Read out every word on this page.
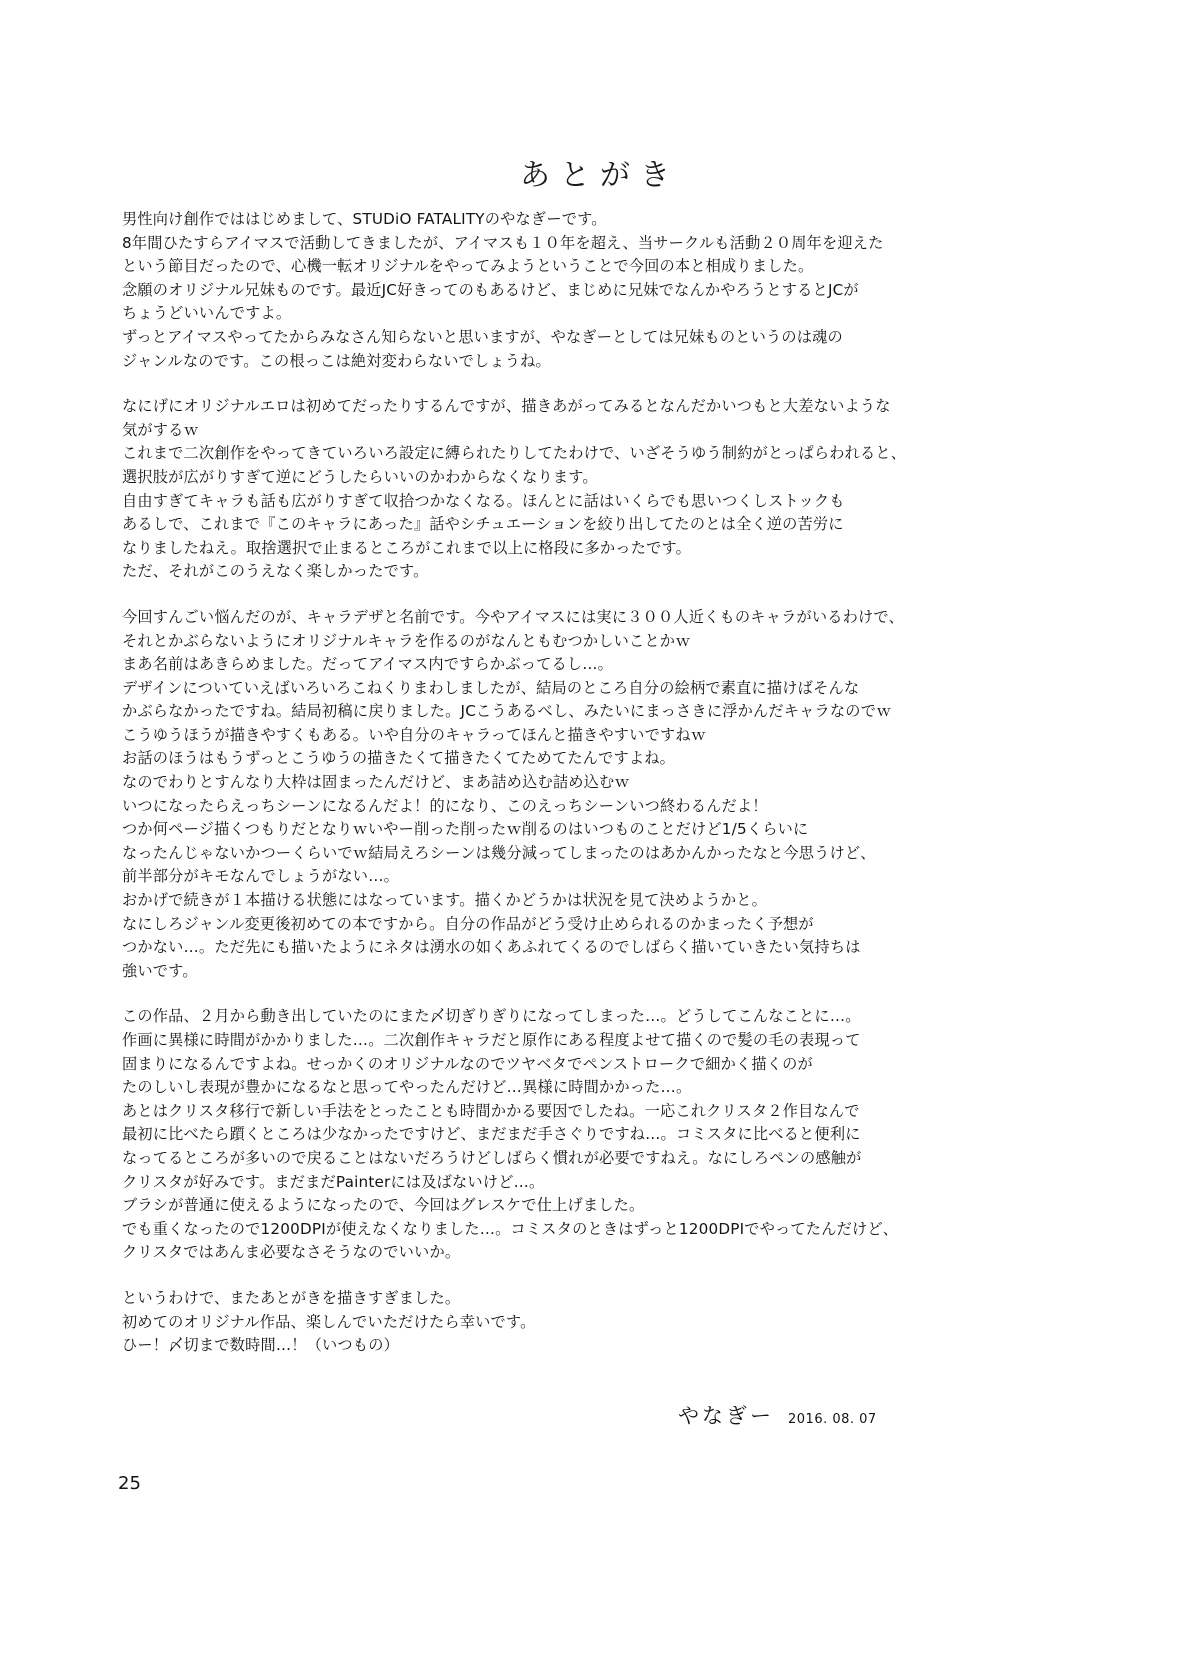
あとがき
男性向け創作でははじめまして、STUDiO FATALITYのやなぎーです。
8年間ひたすらアイマスで活動してきましたが、アイマスも１０年を超え、当サークルも活動２０周年を迎えた
という節目だったので、心機一転オリジナルをやってみようということで今回の本と相成りました。
念願のオリジナル兄妹ものです。最近JC好きってのもあるけど、まじめに兄妹でなんかやろうとするとJCが
ちょうどいいんですよ。
ずっとアイマスやってたからみなさん知らないと思いますが、やなぎーとしては兄妹ものというのは魂の
ジャンルなのです。この根っこは絶対変わらないでしょうね。
なにげにオリジナルエロは初めてだったりするんですが、描きあがってみるとなんだかいつもと大差ないような
気がするｗ
これまで二次創作をやってきていろいろ設定に縛られたりしてたわけで、いざそうゆう制約がとっぱらわれると、
選択肢が広がりすぎて逆にどうしたらいいのかわからなくなります。
自由すぎてキャラも話も広がりすぎて収拾つかなくなる。ほんとに話はいくらでも思いつくしストックも
あるしで、これまで『このキャラにあった』話やシチュエーションを絞り出してたのとは全く逆の苦労に
なりましたねえ。取捨選択で止まるところがこれまで以上に格段に多かったです。
ただ、それがこのうえなく楽しかったです。
今回すんごい悩んだのが、キャラデザと名前です。今やアイマスには実に３００人近くものキャラがいるわけで、
それとかぶらないようにオリジナルキャラを作るのがなんともむつかしいことかｗ
まあ名前はあきらめました。だってアイマス内ですらかぶってるし…。
デザインについていえばいろいろこねくりまわしましたが、結局のところ自分の絵柄で素直に描けばそんな
かぶらなかったですね。結局初稿に戻りました。JCこうあるべし、みたいにまっさきに浮かんだキャラなのでｗ
こうゆうほうが描きやすくもある。いや自分のキャラってほんと描きやすいですねｗ
お話のほうはもうずっとこうゆうの描きたくて描きたくてためてたんですよね。
なのでわりとすんなり大枠は固まったんだけど、まあ詰め込む詰め込むｗ
いつになったらえっちシーンになるんだよ！的になり、このえっちシーンいつ終わるんだよ！
つか何ページ描くつもりだとなりｗいやー削った削ったｗ削るのはいつものことだけど1/5くらいに
なったんじゃないかつーくらいでｗ結局えろシーンは幾分減ってしまったのはあかんかったなと今思うけど、
前半部分がキモなんでしょうがない…。
おかげで続きが１本描ける状態にはなっています。描くかどうかは状況を見て決めようかと。
なにしろジャンル変更後初めての本ですから。自分の作品がどう受け止められるのかまったく予想が
つかない…。ただ先にも描いたようにネタは湧水の如くあふれてくるのでしばらく描いていきたい気持ちは
強いです。
この作品、２月から動き出していたのにまた〆切ぎりぎりになってしまった…。どうしてこんなことに…。
作画に異様に時間がかかりました…。二次創作キャラだと原作にある程度よせて描くので髪の毛の表現って
固まりになるんですよね。せっかくのオリジナルなのでツヤベタでペンストロークで細かく描くのが
たのしいし表現が豊かになるなと思ってやったんだけど…異様に時間かかった…。
あとはクリスタ移行で新しい手法をとったことも時間かかる要因でしたね。一応これクリスタ２作目なんで
最初に比べたら躓くところは少なかったですけど、まだまだ手さぐりですね…。コミスタに比べると便利に
なってるところが多いので戻ることはないだろうけどしばらく慣れが必要ですねえ。なにしろペンの感触が
クリスタが好みです。まだまだPainterには及ばないけど…。
ブラシが普通に使えるようになったので、今回はグレスケで仕上げました。
でも重くなったので1200DPIが使えなくなりました…。コミスタのときはずっと1200DPIでやってたんだけど、
クリスタではあんま必要なさそうなのでいいか。
というわけで、またあとがきを描きすぎました。
初めてのオリジナル作品、楽しんでいただけたら幸いです。
ひー！〆切まで数時間…！（いつもの）
やなぎー 2016. 08. 07
25
